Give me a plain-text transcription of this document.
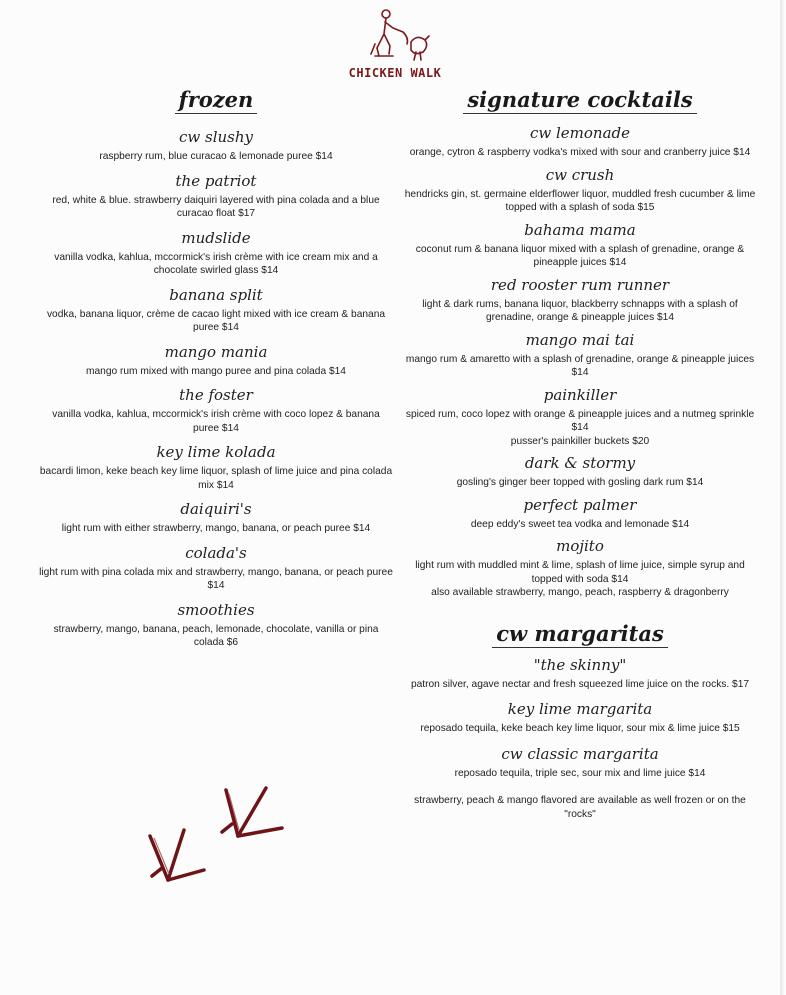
CHICKEN WALK
frozen

cw slushy

raspberry rum, blue curacao & lemonade puree $14

the patriot

red, white & blue. strawberry daiquiri layered with pina colada and a blue curacao float $17

mudslide

vanilla vodka, kahlua, mccormick's irish crème with ice cream mix and a chocolate swirled glass $14

banana split

vodka, banana liquor, crème de cacao light mixed with ice cream & banana puree $14

mango mania

mango rum mixed with mango puree and pina colada $14

the foster

vanilla vodka, kahlua, mccormick's irish crème with coco lopez & banana puree $14

key lime kolada

bacardi limon, keke beach key lime liquor, splash of lime juice and pina colada mix $14

daiquiri's

light rum with either strawberry, mango, banana, or peach puree $14

colada's

light rum with pina colada mix and strawberry, mango, banana, or peach puree $14

smoothies

strawberry, mango, banana, peach, lemonade, chocolate, vanilla or pina colada $6

signature cocktails

cw lemonade

orange, cytron & raspberry vodka's mixed with sour and cranberry juice $14

cw crush

hendricks gin, st. germaine elderflower liquor, muddled fresh cucumber & lime topped with a splash of soda $15

bahama mama

coconut rum & banana liquor mixed with a splash of grenadine, orange & pineapple juices $14

red rooster rum runner

light & dark rums, banana liquor, blackberry schnapps with a splash of grenadine, orange & pineapple juices $14

mango mai tai

mango rum & amaretto with a splash of grenadine, orange & pineapple juices $14

painkiller

spiced rum, coco lopez with orange & pineapple juices and a nutmeg sprinkle $14

pusser's painkiller buckets $20

dark & stormy

gosling's ginger beer topped with gosling dark rum $14

perfect palmer

deep eddy's sweet tea vodka and lemonade $14

mojito

light rum with muddled mint & lime, splash of lime juice, simple syrup and topped with soda $14

also available strawberry, mango, peach, raspberry & dragonberry

cw margaritas

"the skinny"

patron silver, agave nectar and fresh squeezed lime juice on the rocks. $17

key lime margarita

reposado tequila, keke beach key lime liquor, sour mix & lime juice $15

cw classic margarita

reposado tequila, triple sec, sour mix and lime juice $14

strawberry, peach & mango flavored are available as well frozen or on the "rocks"
